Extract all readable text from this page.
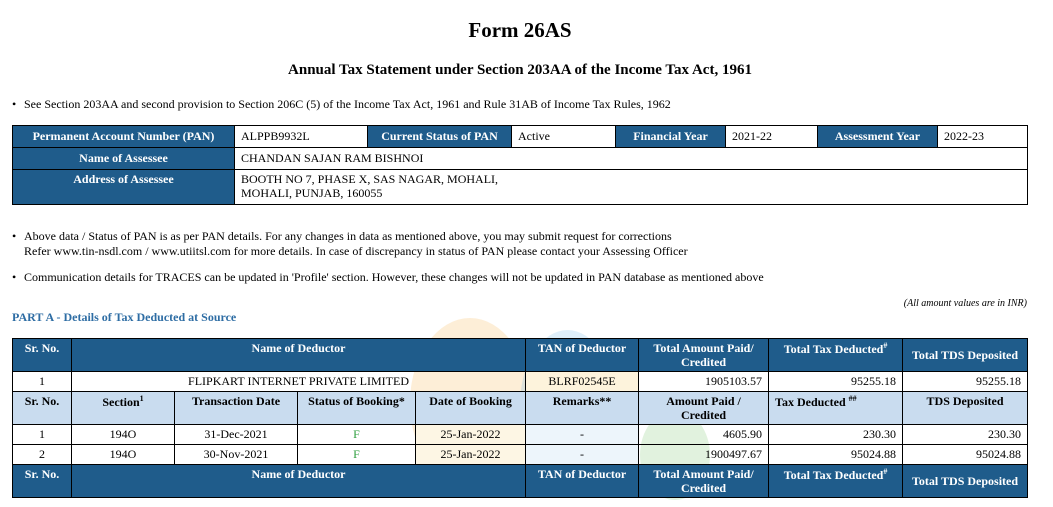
Form 26AS
Annual Tax Statement under Section 203AA of the Income Tax Act, 1961
• See Section 203AA and second provision to Section 206C (5) of the Income Tax Act, 1961 and Rule 31AB of Income Tax Rules, 1962
Permanent Account Number (PAN)	ALPPB9932L	Current Status of PAN	Active	Financial Year	2021-22	Assessment Year	2022-23
Name of Assessee	CHANDAN SAJAN RAM BISHNOI						
Address of Assessee	BOOTH NO 7, PHASE X, SAS NAGAR, MOHALI,
MOHALI, PUNJAB, 160055						
• Above data / Status of PAN is as per PAN details. For any changes in data as mentioned above, you may submit request for corrections
Refer www.tin-nsdl.com / www.utiitsl.com for more details. In case of discrepancy in status of PAN please contact your Assessing Officer
• Communication details for TRACES can be updated in 'Profile' section. However, these changes will not be updated in PAN database as mentioned above
(All amount values are in INR)
PART A - Details of Tax Deducted at Source
Sr. No.	Name of Deductor				TAN of Deductor	Total Amount Paid/ Credited	Total Tax Deducted#	Total TDS Deposited
1	FLIPKART INTERNET PRIVATE LIMITED				BLRF02545E	1905103.57	95255.18	95255.18
Sr. No.	Section$^1$	Transaction Date	Status of Booking*	Date of Booking	Remarks**	Amount Paid / Credited	Tax Deducted ##	TDS Deposited
1	194O	31-Dec-2021	F	25-Jan-2022	-	4605.90	230.30	230.30
2	194O	30-Nov-2021	F	25-Jan-2022	-	1900497.67	95024.88	95024.88
Sr. No.	Name of Deductor				TAN of Deductor	Total Amount Paid/ Credited	Total Tax Deducted#	Total TDS Deposited
